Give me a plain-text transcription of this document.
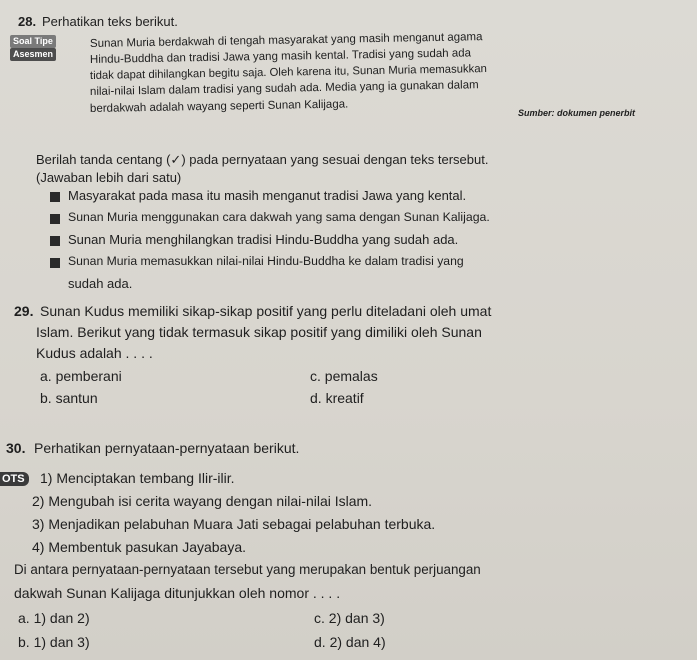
28. Perhatikan teks berikut.
Soal Tipe
Asesmen
Sunan Muria berdakwah di tengah masyarakat yang masih menganut agama
Hindu-Buddha dan tradisi Jawa yang masih kental. Tradisi yang sudah ada
tidak dapat dihilangkan begitu saja. Oleh karena itu, Sunan Muria memasukkan
nilai-nilai Islam dalam tradisi yang sudah ada. Media yang ia gunakan dalam
berdakwah adalah wayang seperti Sunan Kalijaga.	Sumber: dokumen penerbit
Berilah tanda centang (✓) pada pernyataan yang sesuai dengan teks tersebut.
(Jawaban lebih dari satu)
Masyarakat pada masa itu masih menganut tradisi Jawa yang kental.
Sunan Muria menggunakan cara dakwah yang sama dengan Sunan Kalijaga.
Sunan Muria menghilangkan tradisi Hindu-Buddha yang sudah ada.
Sunan Muria memasukkan nilai-nilai Hindu-Buddha ke dalam tradisi yang
sudah ada.
29. Sunan Kudus memiliki sikap-sikap positif yang perlu diteladani oleh umat
Islam. Berikut yang tidak termasuk sikap positif yang dimiliki oleh Sunan
Kudus adalah . . . .
a. pemberani
b. santun
c. pemalas
d. kreatif
30. Perhatikan pernyataan-pernyataan berikut.
OTS 1) Menciptakan tembang Ilir-ilir.
2) Mengubah isi cerita wayang dengan nilai-nilai Islam.
3) Menjadikan pelabuhan Muara Jati sebagai pelabuhan terbuka.
4) Membentuk pasukan Jayabaya.
Di antara pernyataan-pernyataan tersebut yang merupakan bentuk perjuangan
dakwah Sunan Kalijaga ditunjukkan oleh nomor . . . .
a. 1) dan 2)
b. 1) dan 3)
c. 2) dan 3)
d. 2) dan 4)
